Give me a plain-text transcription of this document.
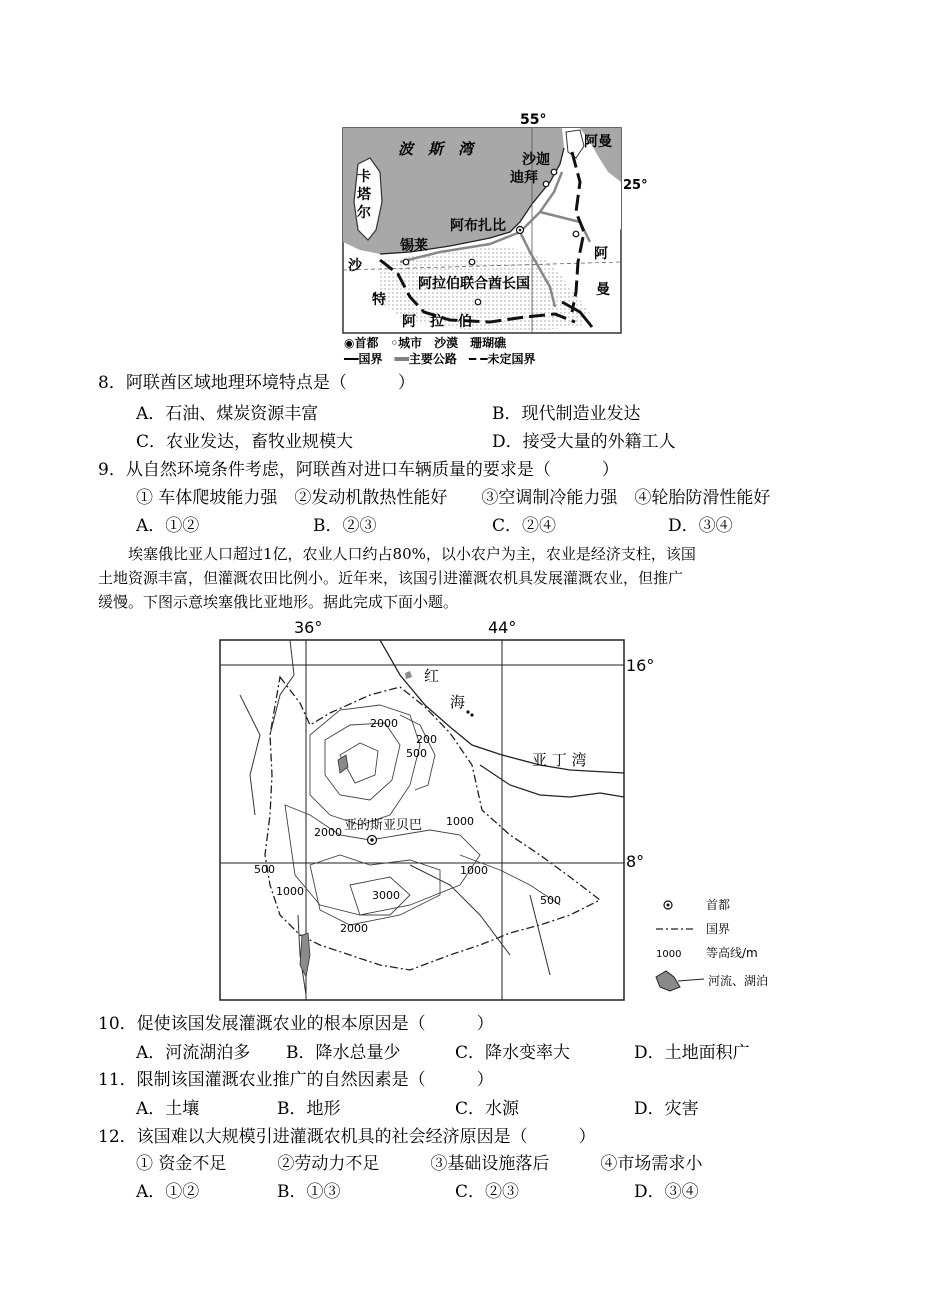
55°
25°
波　斯　湾	阿曼
沙迦
迪拜
阿布扎比
锡莱
沙
特
阿拉伯联合酋长国
阿　拉　伯
阿
曼
卡
塔
尔
◉首都　◦城市　沙漠　珊瑚礁
━━国界　══主要公路　━ ━未定国界
8．阿联酋区域地理环境特点是（　　　）
A．石油、煤炭资源丰富	B．现代制造业发达
C．农业发达，畜牧业规模大	D．接受大量的外籍工人
9．从自然环境条件考虑，阿联酋对进口车辆质量的要求是（　　　）
① 车体爬坡能力强　②发动机散热性能好　　③空调制冷能力强　④轮胎防滑性能好
A．①②	B．②③	C．②④	D．③④
　　埃塞俄比亚人口超过1亿，农业人口约占80%，以小农户为主，农业是经济支柱，该国
土地资源丰富，但灌溉农田比例小。近年来，该国引进灌溉农机具发展灌溉农业，但推广
缓慢。下图示意埃塞俄比亚地形。据此完成下面小题。
36°	44°
16°
8°
红
海
亚 丁 湾
亚的斯亚贝巴
2000
200
500
1000
2000
500
1000
1000
3000
2000
500	首都
国界
1000 等高线/m
河流、湖泊
10．促使该国发展灌溉农业的根本原因是（　　　）
A．河流湖泊多 B．降水总量少	C．降水变率大	D．土地面积广
11．限制该国灌溉农业推广的自然因素是（　　　）
A．土壤	B．地形	C．水源	D．灾害
12．该国难以大规模引进灌溉农机具的社会经济原因是（　　　）
① 资金不足　　　②劳动力不足　　　③基础设施落后　　　④市场需求小
A．①②	B．①③	C．②③	D．③④
